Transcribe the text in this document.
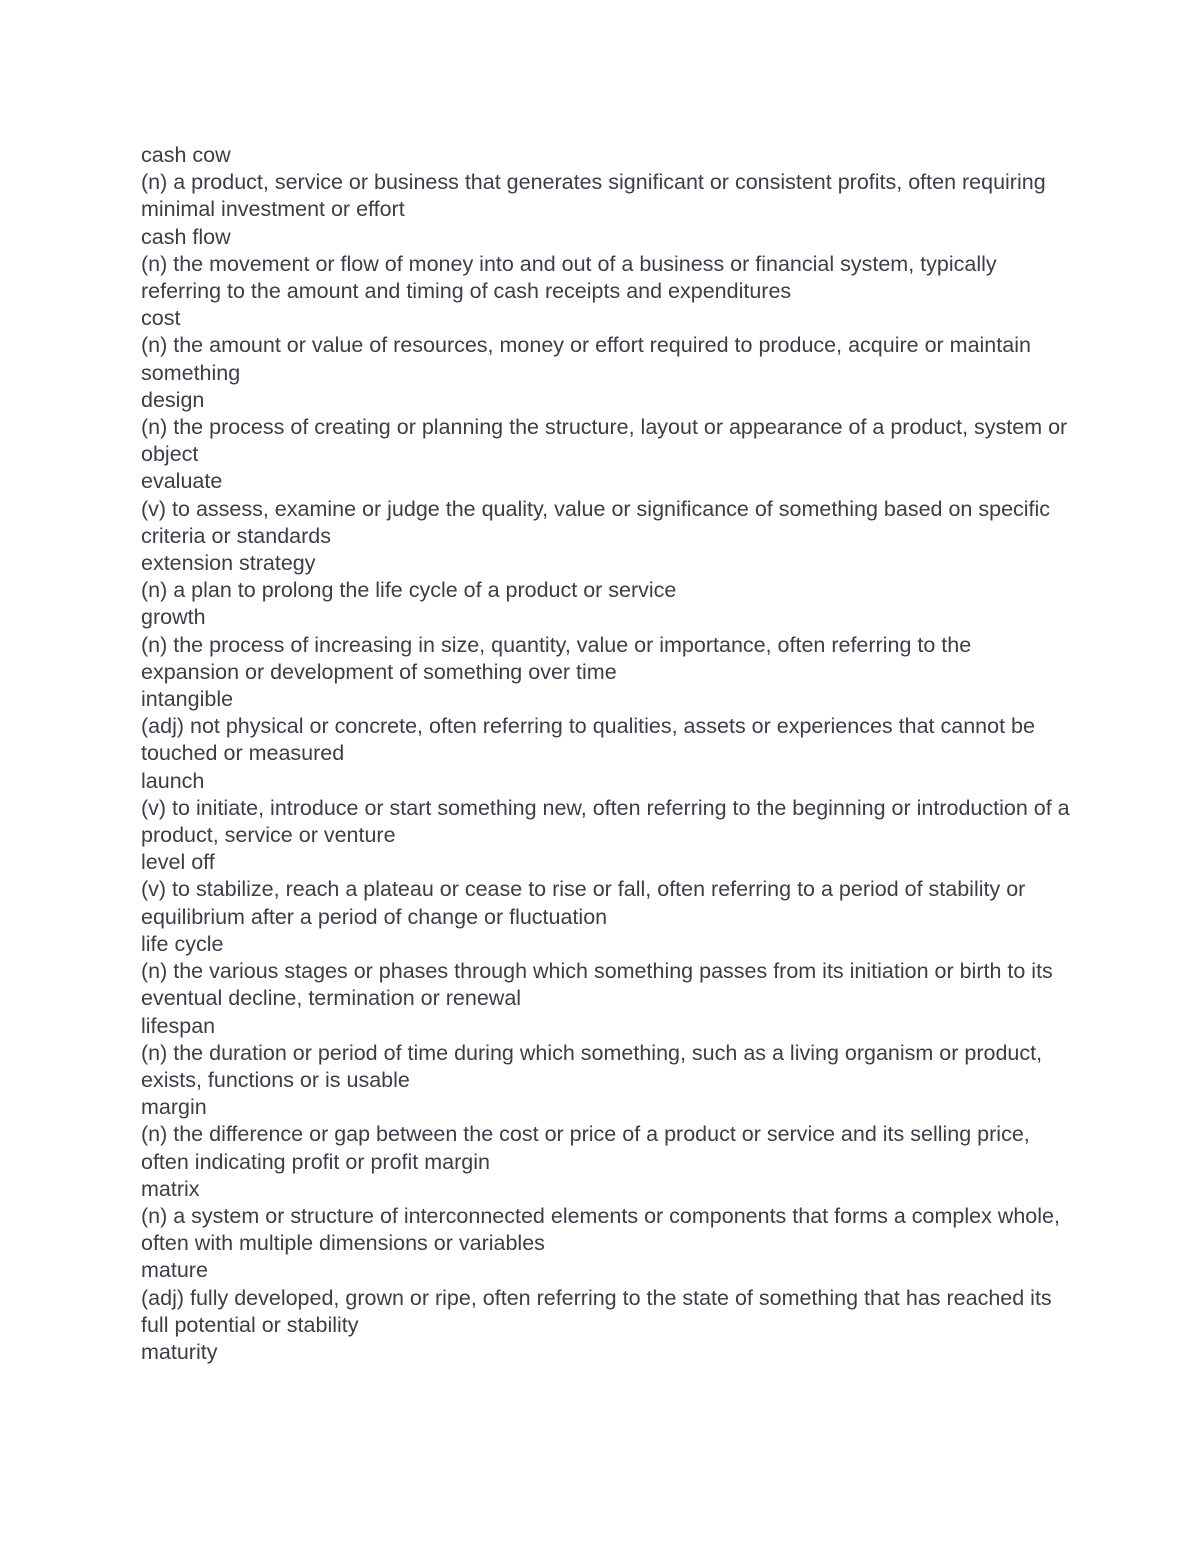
cash cow
(n) a product, service or business that generates significant or consistent profits, often requiring minimal investment or effort
cash flow
(n) the movement or flow of money into and out of a business or financial system, typically referring to the amount and timing of cash receipts and expenditures
cost
(n) the amount or value of resources, money or effort required to produce, acquire or maintain something
design
(n) the process of creating or planning the structure, layout or appearance of a product, system or object
evaluate
(v) to assess, examine or judge the quality, value or significance of something based on specific criteria or standards
extension strategy
(n) a plan to prolong the life cycle of a product or service
growth
(n) the process of increasing in size, quantity, value or importance, often referring to the expansion or development of something over time
intangible
(adj) not physical or concrete, often referring to qualities, assets or experiences that cannot be touched or measured
launch
(v) to initiate, introduce or start something new, often referring to the beginning or introduction of a product, service or venture
level off
(v) to stabilize, reach a plateau or cease to rise or fall, often referring to a period of stability or equilibrium after a period of change or fluctuation
life cycle
(n) the various stages or phases through which something passes from its initiation or birth to its eventual decline, termination or renewal
lifespan
(n) the duration or period of time during which something, such as a living organism or product, exists, functions or is usable
margin
(n) the difference or gap between the cost or price of a product or service and its selling price, often indicating profit or profit margin
matrix
(n) a system or structure of interconnected elements or components that forms a complex whole, often with multiple dimensions or variables
mature
(adj) fully developed, grown or ripe, often referring to the state of something that has reached its full potential or stability
maturity
